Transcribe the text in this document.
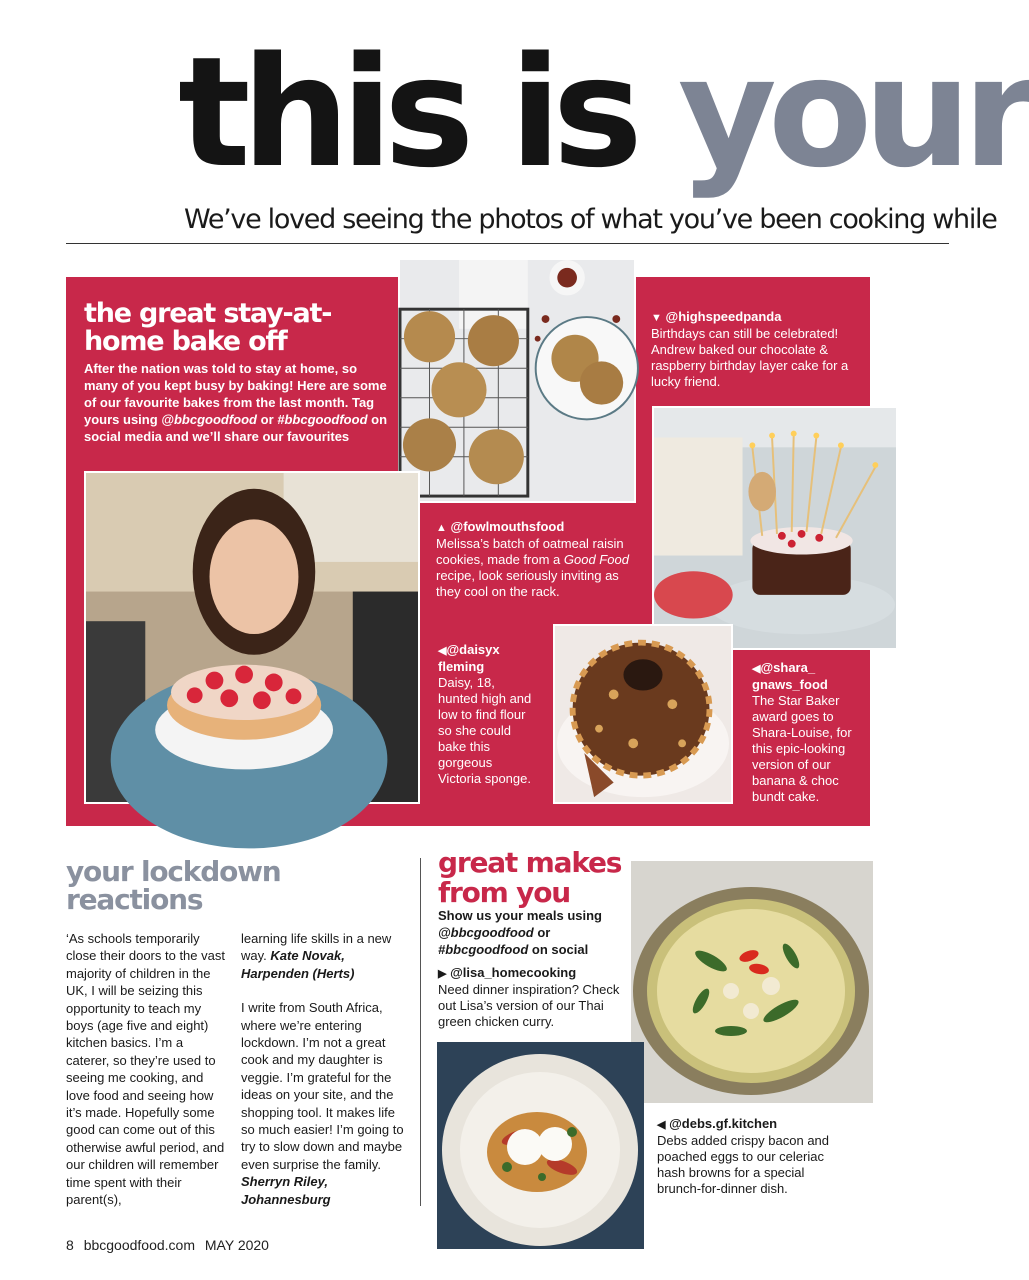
this is your
We’ve loved seeing the photos of what you’ve been cooking while
the great stay-at-home bake off
After the nation was told to stay at home, so many of you kept busy by baking! Here are some of our favourite bakes from the last month. Tag yours using @bbcgoodfood or #bbcgoodfood on social media and we’ll share our favourites
▼ @highspeedpanda
Birthdays can still be celebrated! Andrew baked our chocolate & raspberry birthday layer cake for a lucky friend.
▲ @fowlmouthsfood
Melissa’s batch of oatmeal raisin cookies, made from a Good Food recipe, look seriously inviting as they cool on the rack.
◀@daisyx fleming
Daisy, 18, hunted high and low to find flour so she could bake this gorgeous Victoria sponge.
◀@shara_ gnaws_food
The Star Baker award goes to Shara-Louise, for this epic-looking version of our banana & choc bundt cake.
your lockdown reactions

‘As schools temporarily close their doors to the vast majority of children in the UK, I will be seizing this opportunity to teach my boys (age five and eight) kitchen basics. I’m a caterer, so they’re used to seeing me cooking, and love food and seeing how it’s made. Hopefully some good can come out of this otherwise awful period, and our children will remember time spent with their parent(s),

learning life skills in a new way. Kate Novak, Harpenden (Herts)

I write from South Africa, where we’re entering lockdown. I’m not a great cook and my daughter is veggie. I’m grateful for the ideas on your site, and the shopping tool. It makes life so much easier! I’m going to try to slow down and maybe even surprise the family. Sherryn Riley, Johannesburg

great makes from you
Show us your meals using @bbcgoodfood or #bbcgoodfood on social
▶ @lisa_homecooking
Need dinner inspiration? Check out Lisa’s version of our Thai green chicken curry.
◀ @debs.gf.kitchen
Debs added crispy bacon and poached eggs to our celeriac hash browns for a special brunch-for-dinner dish.
8 bbcgoodfood.com MAY 2020
